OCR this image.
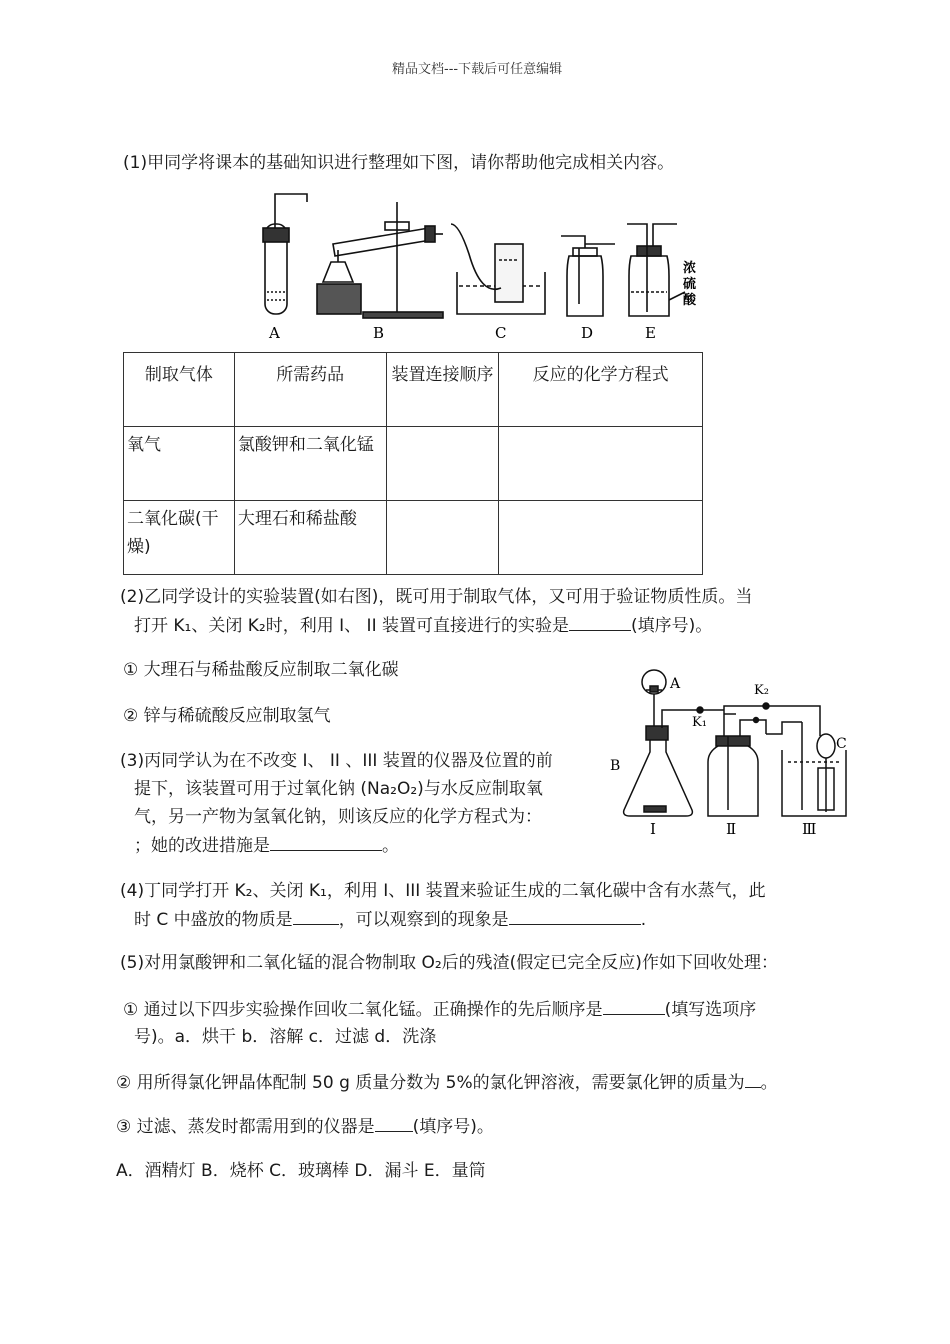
精品文档---下载后可任意编辑
(1)甲同学将课本的基础知识进行整理如下图，请你帮助他完成相关内容。
A	B	C	D	E
浓
硫
酸
制取气体	所需药品	装置连接顺序	反应的化学方程式
氧气	氯酸钾和二氧化锰		
二氧化碳(干燥)	大理石和稀盐酸		
(2)乙同学设计的实验装置(如右图)，既可用于制取气体，又可用于验证物质性质。当
打开 K₁、关闭 K₂时，利用 I、 II 装置可直接进行的实验是	(填序号)。
① 大理石与稀盐酸反应制取二氧化碳
② 锌与稀硫酸反应制取氢气
(3)丙同学认为在不改变 I、 II 、III 装置的仪器及位置的前
提下，该装置可用于过氧化钠 (Na₂O₂)与水反应制取氧
气，另一产物为氢氧化钠，则该反应的化学方程式为：
；她的改进措施是	。
A
B
C
K₁
K₂
Ⅰ	Ⅱ	Ⅲ
(4)丁同学打开 K₂、关闭 K₁，利用 I、III 装置来验证生成的二氧化碳中含有水蒸气，此
时 C 中盛放的物质是	，可以观察到的现象是	.
(5)对用氯酸钾和二氧化锰的混合物制取 O₂后的残渣(假定已完全反应)作如下回收处理：
① 通过以下四步实验操作回收二氧化锰。正确操作的先后顺序是	(填写选项序
号)。a．烘干 b．溶解 c．过滤 d．洗涤
② 用所得氯化钾晶体配制 50 g 质量分数为 5%的氯化钾溶液，需要氯化钾的质量为 。
③ 过滤、蒸发时都需用到的仪器是 (填序号)。
A．酒精灯 B．烧杯 C．玻璃棒 D．漏斗 E．量筒
